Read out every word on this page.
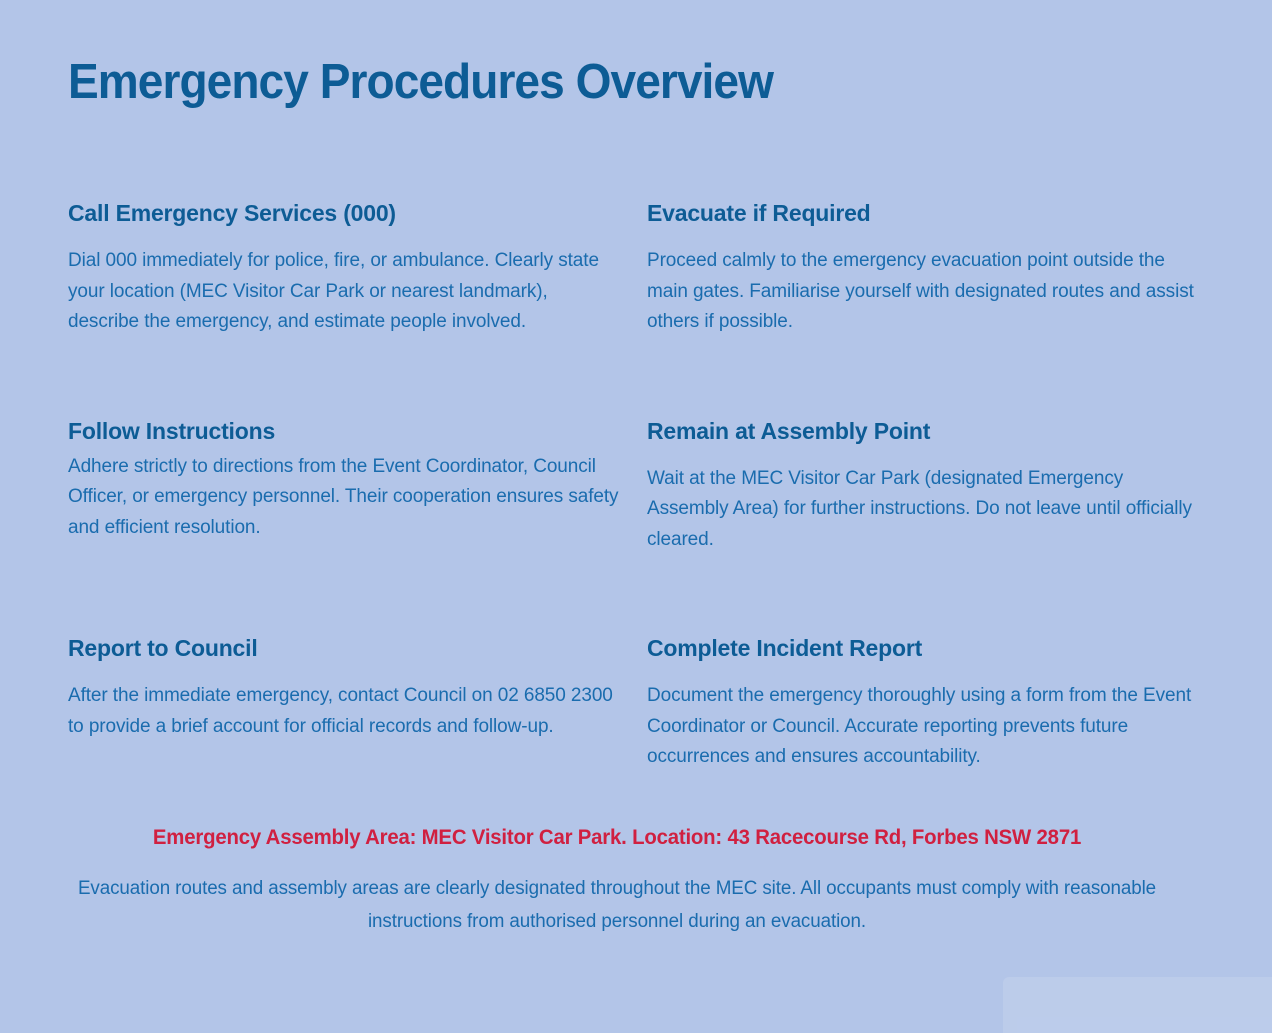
Emergency Procedures Overview
Call Emergency Services (000)

Dial 000 immediately for police, fire, or ambulance. Clearly state your location (MEC Visitor Car Park or nearest landmark), describe the emergency, and estimate people involved.

Evacuate if Required

Proceed calmly to the emergency evacuation point outside the main gates. Familiarise yourself with designated routes and assist others if possible.

Follow Instructions

Adhere strictly to directions from the Event Coordinator, Council Officer, or emergency personnel. Their cooperation ensures safety and efficient resolution.

Remain at Assembly Point

Wait at the MEC Visitor Car Park (designated Emergency Assembly Area) for further instructions. Do not leave until officially cleared.

Report to Council

After the immediate emergency, contact Council on 02 6850 2300 to provide a brief account for official records and follow-up.

Complete Incident Report

Document the emergency thoroughly using a form from the Event Coordinator or Council. Accurate reporting prevents future occurrences and ensures accountability.

Emergency Assembly Area: MEC Visitor Car Park. Location: 43 Racecourse Rd, Forbes NSW 2871

Evacuation routes and assembly areas are clearly designated throughout the MEC site. All occupants must comply with reasonable instructions from authorised personnel during an evacuation.
